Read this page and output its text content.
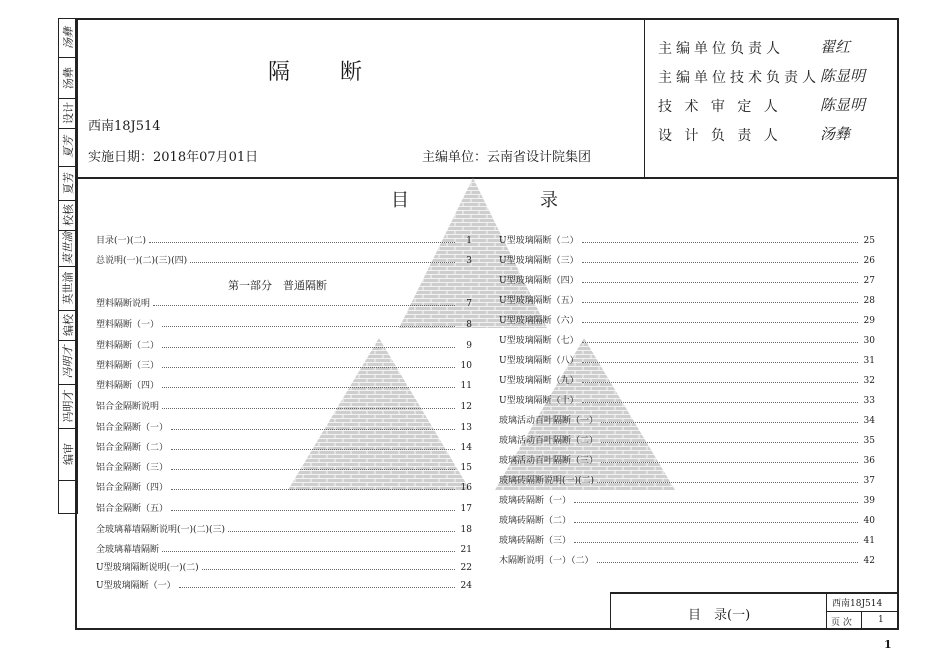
汤彝
汤彝
设计
夏芳
夏芳
校核
莫世渝
莫世渝
编校
冯明才
冯明才
编审
隔　　断
西南18J514
实施日期：2018年07月01日	主编单位：云南省设计院集团
主编单位负责人 翟红
主编单位技术负责人 陈显明
技 术 审 定 人	陈显明
设 计 负 责 人	汤彝
目	录
目录(一)(二)	1
总说明(一)(二)(三)(四)	3
塑料隔断说明	7
塑料隔断（一）	8
塑料隔断（二）	9
塑料隔断（三）	10
塑料隔断（四）	11
铝合金隔断说明	12
铝合金隔断（一）	13
铝合金隔断（二）	14
铝合金隔断（三）	15
铝合金隔断（四）	16
铝合金隔断（五）	17
全玻璃幕墙隔断说明(一)(二)(三)	18
全玻璃幕墙隔断	21
U型玻璃隔断说明(一)(二)	22
U型玻璃隔断（一）	24
U型玻璃隔断（二）	25
U型玻璃隔断（三）	26
U型玻璃隔断（四）	27
U型玻璃隔断（五）	28
U型玻璃隔断（六）	29
U型玻璃隔断（七）	30
U型玻璃隔断（八）	31
U型玻璃隔断（九）	32
U型玻璃隔断（十）	33
玻璃活动百叶隔断（一）	34
玻璃活动百叶隔断（二）	35
玻璃活动百叶隔断（三）	36
玻璃砖隔断说明(一)(二)	37
玻璃砖隔断（一）	39
玻璃砖隔断（二）	40
玻璃砖隔断（三）	41
木隔断说明（一）（二）	42
第一部分　普通隔断
目　录(一)
西南18J514
页 次	1
1
